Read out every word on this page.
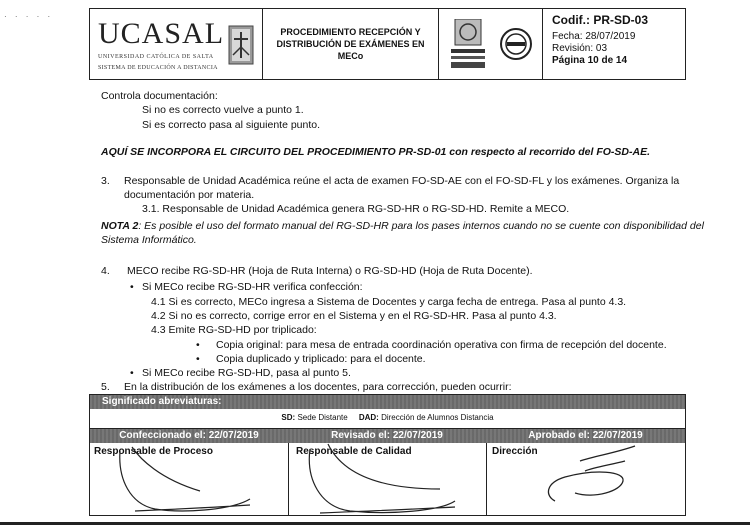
· · · · ·
UCASAL
UNIVERSIDAD CATÓLICA DE SALTA
SISTEMA DE EDUCACIÓN A DISTANCIA
PROCEDIMIENTO RECEPCIÓN Y DISTRIBUCIÓN DE EXÁMENES EN MECo
Codif.: PR-SD-03
Fecha: 28/07/2019
Revisión: 03
Página 10 de 14
Controla documentación:
Si no es correcto vuelve a punto 1.
Si es correcto pasa al siguiente punto.
AQUÍ SE INCORPORA EL CIRCUITO DEL PROCEDIMIENTO PR-SD-01 con respecto al recorrido del FO-SD-AE.
3. Responsable de Unidad Académica reúne el acta de examen FO-SD-AE con el FO-SD-FL y los exámenes. Organiza la
documentación por materia.
3.1. Responsable de Unidad Académica genera RG-SD-HR o RG-SD-HD. Remite a MECO.
NOTA 2: Es posible el uso del formato manual del RG-SD-HR para los pases internos cuando no se cuente con disponibilidad del
Sistema Informático.
4. MECO recibe RG-SD-HR (Hoja de Ruta Interna) o RG-SD-HD (Hoja de Ruta Docente).
• Si MECo recibe RG-SD-HR verifica confección:
4.1 Si es correcto, MECo ingresa a Sistema de Docentes y carga fecha de entrega. Pasa al punto 4.3.
4.2 Si no es correcto, corrige error en el Sistema y en el RG-SD-HR. Pasa al punto 4.3.
4.3 Emite RG-SD-HD por triplicado:
• Copia original: para mesa de entrada coordinación operativa con firma de recepción del docente.
• Copia duplicado y triplicado: para el docente.
• Si MECo recibe RG-SD-HD, pasa al punto 5.
5. En la distribución de los exámenes a los docentes, para corrección, pueden ocurrir:
Significado abreviaturas:
SD: Sede Distante DAD: Dirección de Alumnos Distancia
Confeccionado el: 22/07/2019	Revisado el: 22/07/2019	Aprobado el: 22/07/2019
Responsable de Proceso	Responsable de Calidad	Dirección
